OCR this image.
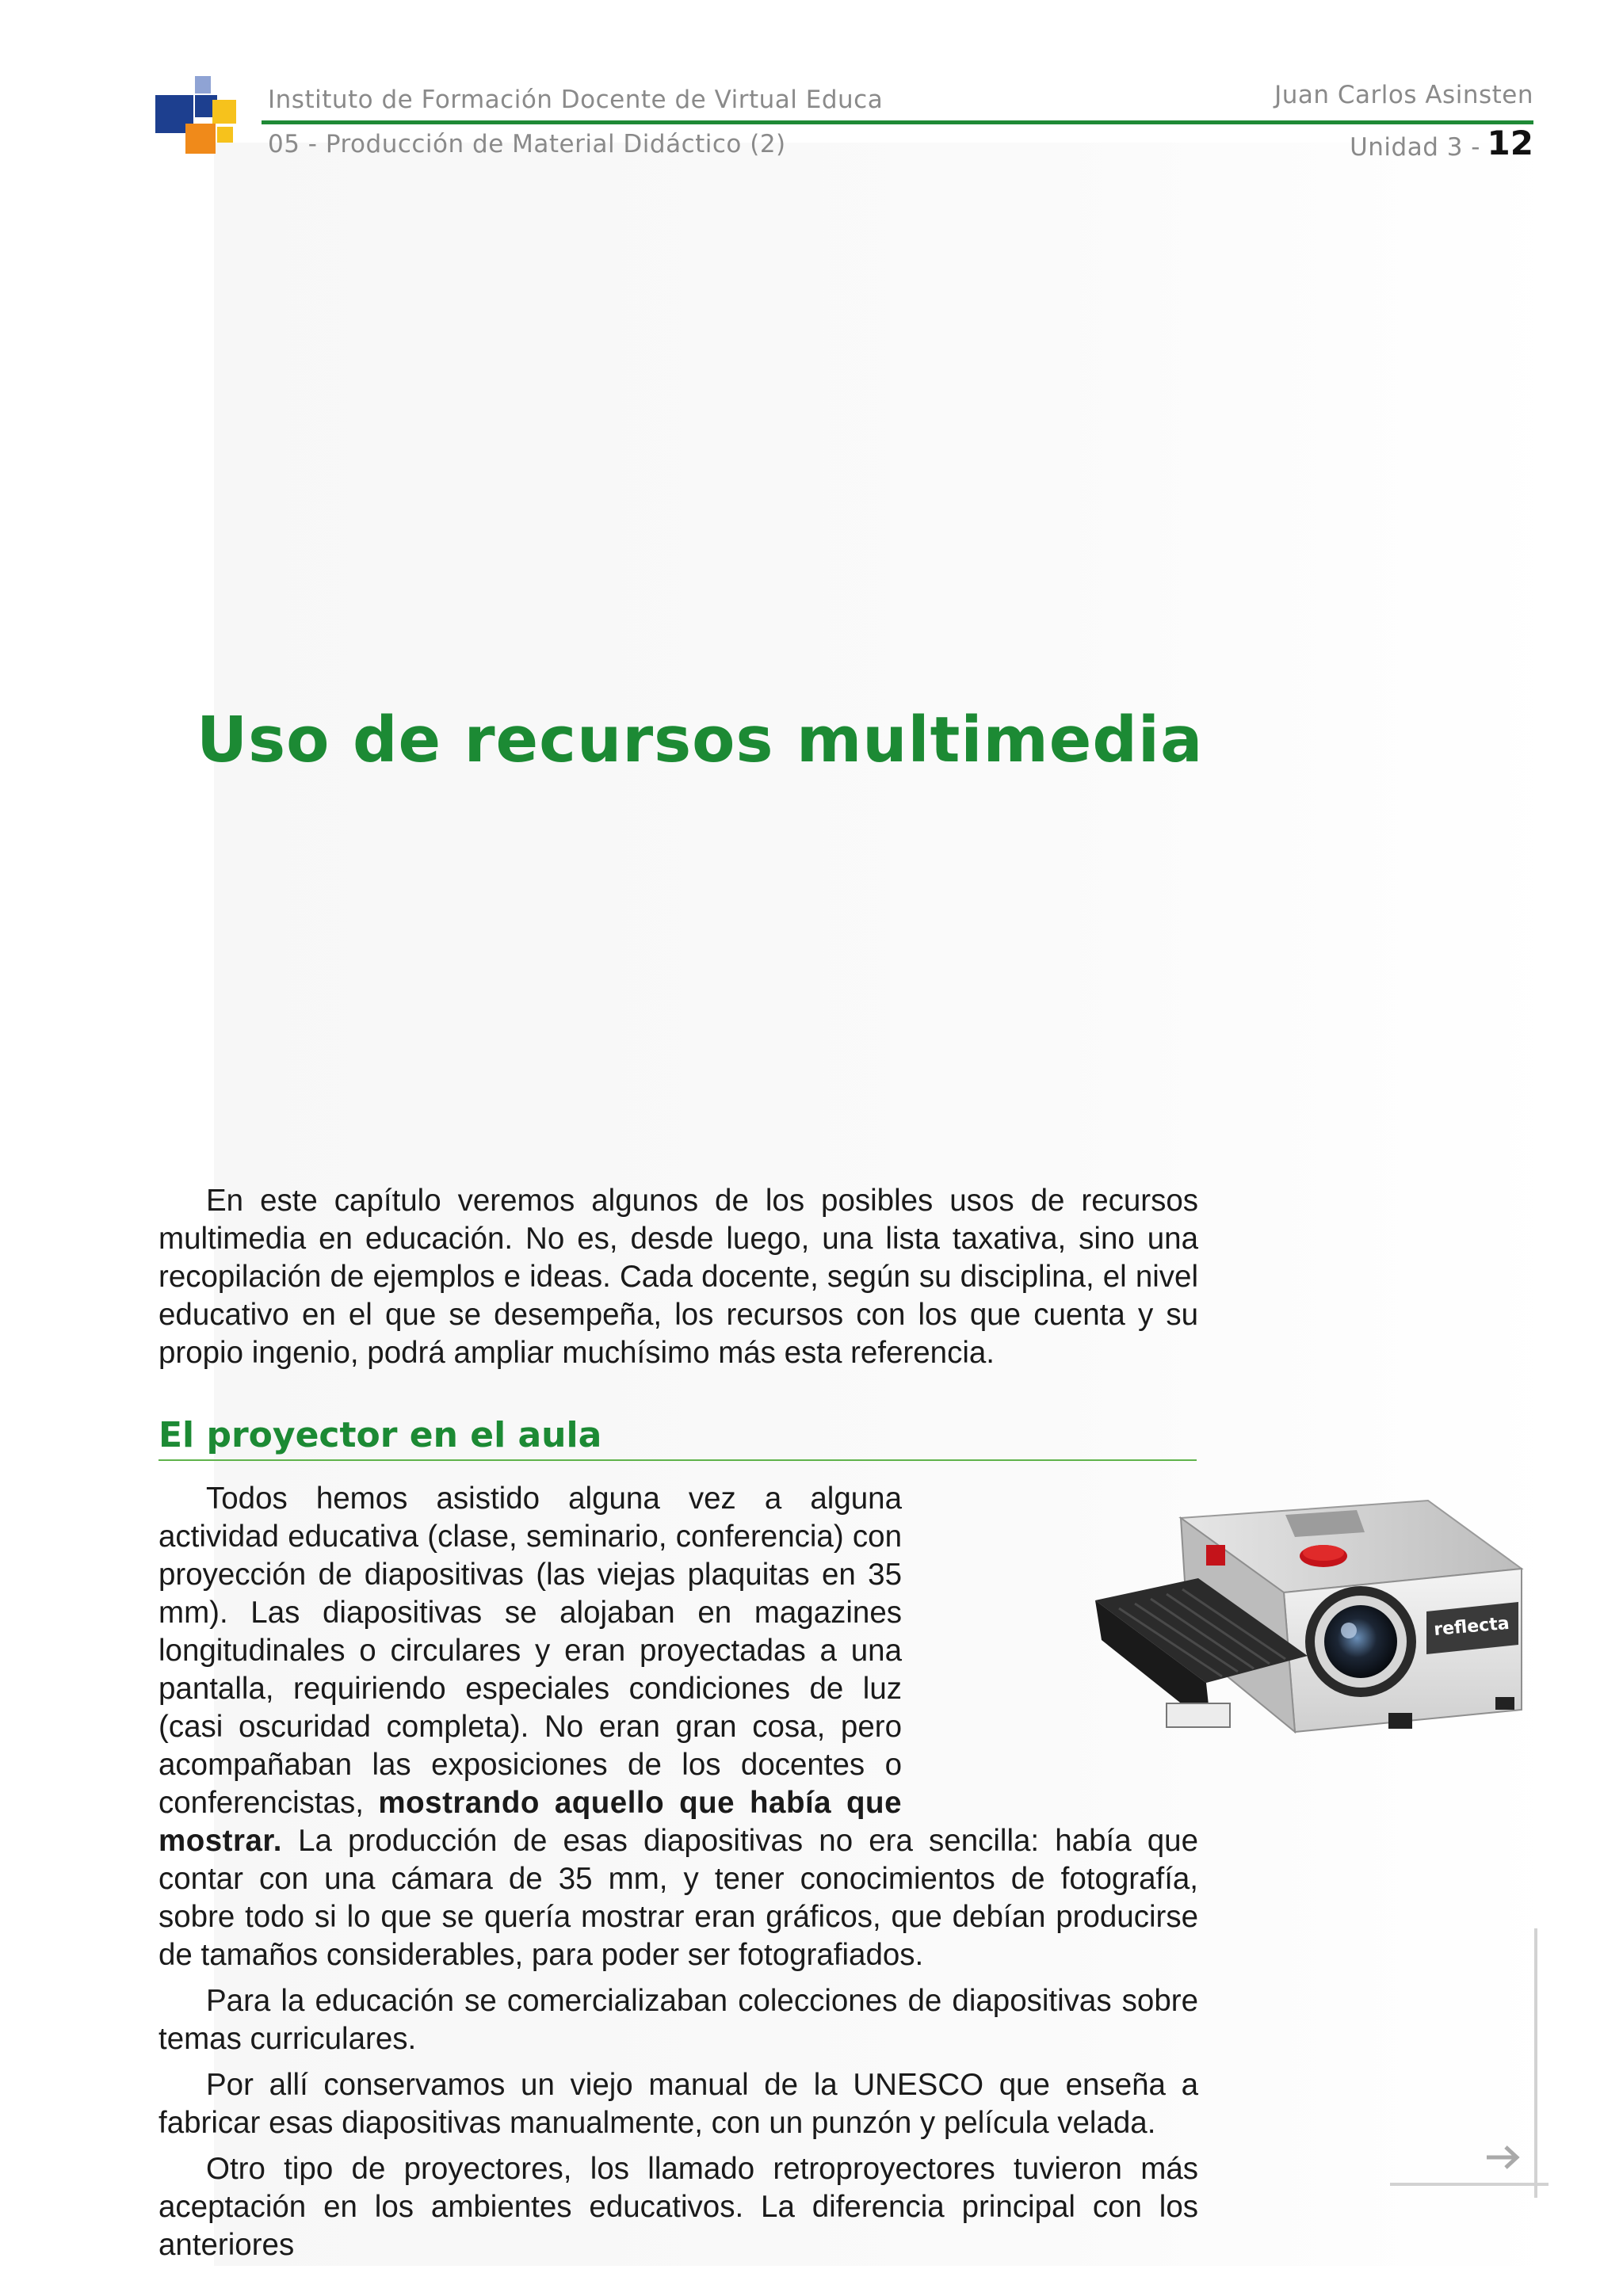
Instituto de Formación Docente de Virtual Educa
05 - Producción de Material Didáctico (2)
Juan Carlos Asinsten
Unidad 3 - 12
Uso de recursos multimedia

En este capítulo veremos algunos de los posibles usos de recursos multimedia en educación. No es, desde luego, una lista taxativa, sino una recopilación de ejemplos e ideas. Cada docente, según su disciplina, el nivel educativo en el que se desempeña, los recursos con los que cuenta y su propio ingenio, podrá ampliar muchísimo más esta referencia.

El proyector en el aula

Todos hemos asistido alguna vez a alguna actividad educativa (clase, seminario, conferencia) con proyección de diapositivas (las viejas plaquitas en 35 mm). Las diapositivas se alojaban en magazines longitudinales o circulares y eran proyectadas a una pantalla, requiriendo especiales condiciones de luz (casi oscuridad completa). No eran gran cosa, pero acompañaban las exposiciones de los docentes o conferencistas, mostrando aquello que había que mostrar. La producción de esas diapositivas no era sencilla: había que contar con una cámara de 35 mm, y tener conocimientos de fotografía, sobre todo si lo que se quería mostrar eran gráficos, que debían producirse de tamaños considerables, para poder ser fotografiados.

Para la educación se comercializaban colecciones de diapositivas sobre temas curriculares.

Por allí conservamos un viejo manual de la UNESCO que enseña a fabricar esas diapositivas manualmente, con un punzón y película velada.

Otro tipo de proyectores, los llamado retroproyectores tuvieron más aceptación en los ambientes educativos. La diferencia principal con los anteriores

reflecta
